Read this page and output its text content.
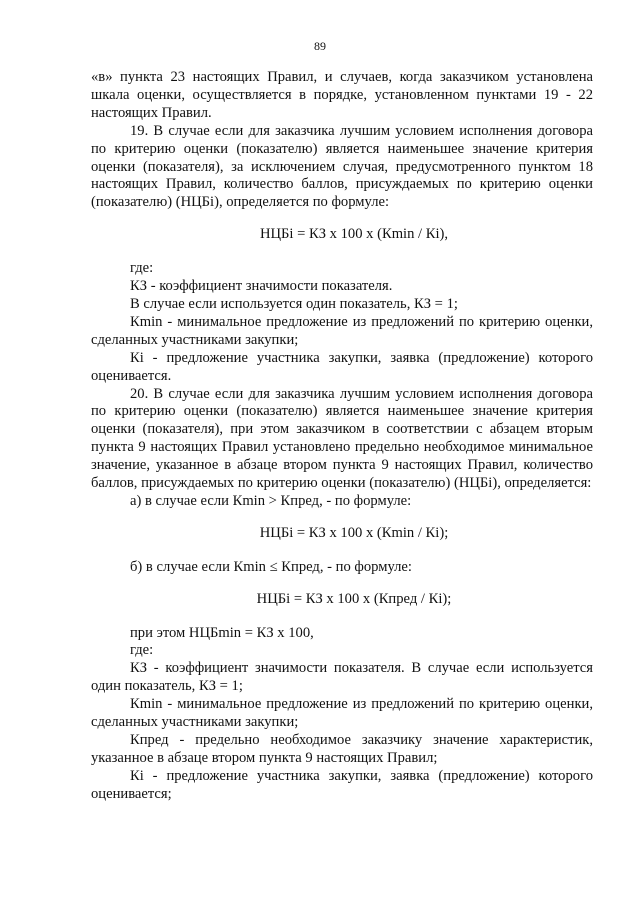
89

«в» пункта 23 настоящих Правил, и случаев, когда заказчиком установлена шкала оценки, осуществляется в порядке, установленном пунктами 19 - 22 настоящих Правил.

19. В случае если для заказчика лучшим условием исполнения договора по критерию оценки (показателю) является наименьшее значение критерия оценки (показателя), за исключением случая, предусмотренного пунктом 18 настоящих Правил, количество баллов, присуждаемых по критерию оценки (показателю) (НЦБi), определяется по формуле:

НЦБi = КЗ х 100 х (Кmin / Кi),

где:

КЗ - коэффициент значимости показателя.

В случае если используется один показатель, КЗ = 1;

Кmin - минимальное предложение из предложений по критерию оценки, сделанных участниками закупки;

Кi - предложение участника закупки, заявка (предложение) которого оценивается.

20. В случае если для заказчика лучшим условием исполнения договора по критерию оценки (показателю) является наименьшее значение критерия оценки (показателя), при этом заказчиком в соответствии с абзацем вторым пункта 9 настоящих Правил установлено предельно необходимое минимальное значение, указанное в абзаце втором пункта 9 настоящих Правил, количество баллов, присуждаемых по критерию оценки (показателю) (НЦБi), определяется:

а) в случае если Кmin > Кпред, - по формуле:

НЦБi = КЗ х 100 х (Кmin / Кi);

б) в случае если Кmin ≤ Кпред, - по формуле:

НЦБi = КЗ х 100 х (Кпред / Кi);

при этом НЦБmin = КЗ х 100,

где:

КЗ - коэффициент значимости показателя. В случае если используется один показатель, КЗ = 1;

Кmin - минимальное предложение из предложений по критерию оценки, сделанных участниками закупки;

Кпред - предельно необходимое заказчику значение характеристик, указанное в абзаце втором пункта 9 настоящих Правил;

Кi - предложение участника закупки, заявка (предложение) которого оценивается;
